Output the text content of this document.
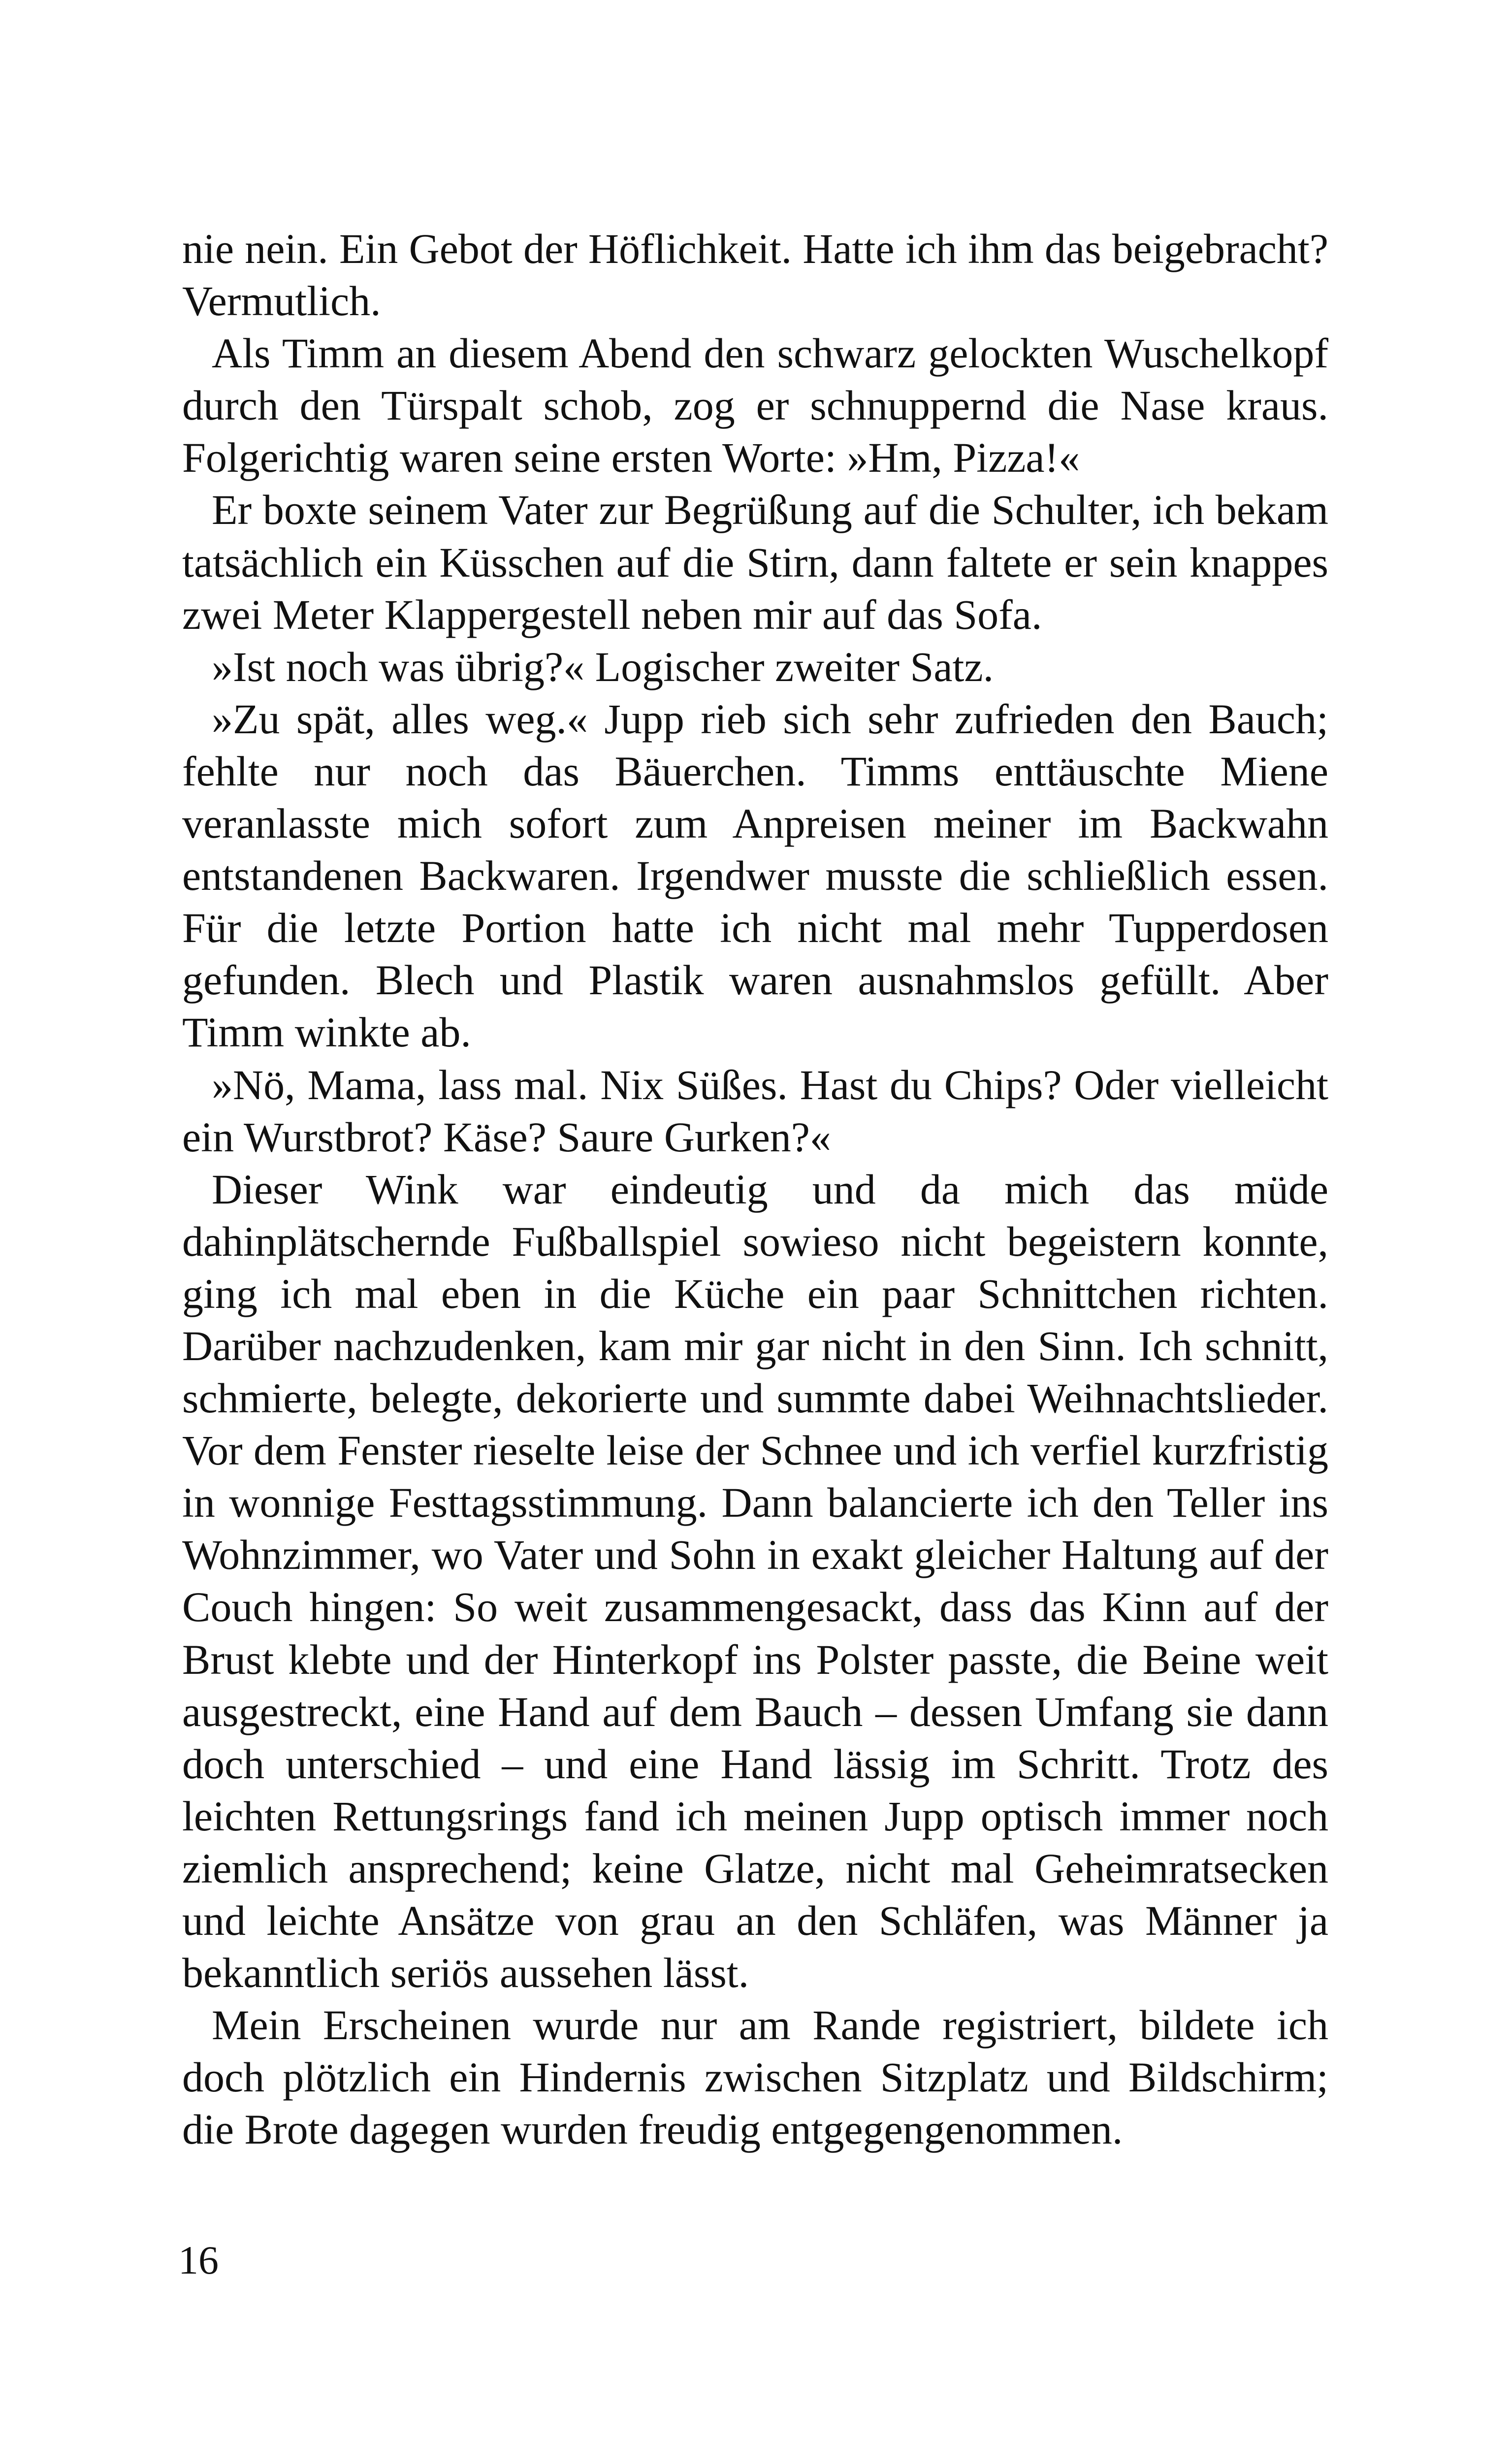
nie nein. Ein Gebot der Höflichkeit. Hatte ich ihm das beigebracht? Vermutlich.

Als Timm an diesem Abend den schwarz gelockten Wuschelkopf durch den Türspalt schob, zog er schnuppernd die Nase kraus. Folgerichtig waren seine ersten Worte: »Hm, Pizza!«

Er boxte seinem Vater zur Begrüßung auf die Schulter, ich bekam tatsächlich ein Küsschen auf die Stirn, dann faltete er sein knappes zwei Meter Klappergestell neben mir auf das Sofa.

»Ist noch was übrig?« Logischer zweiter Satz.

»Zu spät, alles weg.« Jupp rieb sich sehr zufrieden den Bauch; fehlte nur noch das Bäuerchen. Timms enttäuschte Miene veranlasste mich sofort zum Anpreisen meiner im Backwahn entstandenen Backwaren. Irgendwer musste die schließlich essen. Für die letzte Portion hatte ich nicht mal mehr Tupperdosen gefunden. Blech und Plastik waren ausnahmslos gefüllt. Aber Timm winkte ab.

»Nö, Mama, lass mal. Nix Süßes. Hast du Chips? Oder vielleicht ein Wurstbrot? Käse? Saure Gurken?«

Dieser Wink war eindeutig und da mich das müde dahinplätschernde Fußballspiel sowieso nicht begeistern konnte, ging ich mal eben in die Küche ein paar Schnittchen richten. Darüber nachzudenken, kam mir gar nicht in den Sinn. Ich schnitt, schmierte, belegte, dekorierte und summte dabei Weihnachtslieder. Vor dem Fenster rieselte leise der Schnee und ich verfiel kurzfristig in wonnige Festtagsstimmung. Dann balancierte ich den Teller ins Wohnzimmer, wo Vater und Sohn in exakt gleicher Haltung auf der Couch hingen: So weit zusammengesackt, dass das Kinn auf der Brust klebte und der Hinterkopf ins Polster passte, die Beine weit ausgestreckt, eine Hand auf dem Bauch – dessen Umfang sie dann doch unterschied – und eine Hand lässig im Schritt. Trotz des leichten Rettungsrings fand ich meinen Jupp optisch immer noch ziemlich ansprechend; keine Glatze, nicht mal Geheimratsecken und leichte Ansätze von grau an den Schläfen, was Männer ja bekanntlich seriös aussehen lässt.

Mein Erscheinen wurde nur am Rande registriert, bildete ich doch plötzlich ein Hindernis zwischen Sitzplatz und Bildschirm; die Brote dagegen wurden freudig entgegengenommen.

16
